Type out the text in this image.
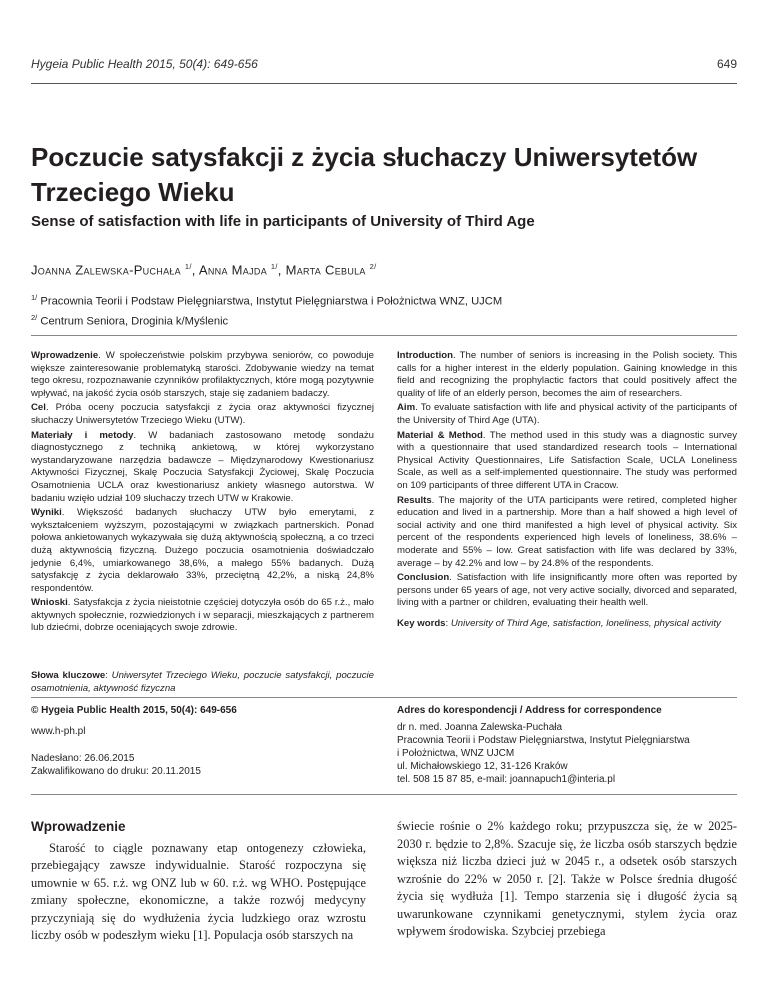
Hygeia Public Health 2015, 50(4): 649-656	649
Poczucie satysfakcji z życia słuchaczy Uniwersytetów Trzeciego Wieku
Sense of satisfaction with life in participants of University of Third Age
Joanna Zalewska-Puchała $^{1/}$, Anna Majda $^{1/}$, Marta Cebula $^{2/}$
$^{1/}$ Pracownia Teorii i Podstaw Pielęgniarstwa, Instytut Pielęgniarstwa i Położnictwa WNZ, UJCM
$^{2/}$ Centrum Seniora, Droginia k/Myślenic

Wprowadzenie. W społeczeństwie polskim przybywa seniorów, co powoduje większe zainteresowanie problematyką starości. Zdobywanie wiedzy na temat tego okresu, rozpoznawanie czynników profilaktycznych, które mogą pozytywnie wpływać, na jakość życia osób starszych, staje się zadaniem badaczy.

Cel. Próba oceny poczucia satysfakcji z życia oraz aktywności fizycznej słuchaczy Uniwersytetów Trzeciego Wieku (UTW).

Materiały i metody. W badaniach zastosowano metodę sondażu diagnostycznego z techniką ankietową, w której wykorzystano wystandaryzowane narzędzia badawcze – Międzynarodowy Kwestionariusz Aktywności Fizycznej, Skalę Poczucia Satysfakcji Życiowej, Skalę Poczucia Osamotnienia UCLA oraz kwestionariusz ankiety własnego autorstwa. W badaniu wzięło udział 109 słuchaczy trzech UTW w Krakowie.

Wyniki. Większość badanych słuchaczy UTW było emerytami, z wykształceniem wyższym, pozostającymi w związkach partnerskich. Ponad połowa ankietowanych wykazywała się dużą aktywnością społeczną, a co trzeci dużą aktywnością fizyczną. Dużego poczucia osamotnienia doświadczało jedynie 6,4%, umiarkowanego 38,6%, a małego 55% badanych. Dużą satysfakcję z życia deklarowało 33%, przeciętną 42,2%, a niską 24,8% respondentów.

Wnioski. Satysfakcja z życia nieistotnie częściej dotyczyła osób do 65 r.ż., mało aktywnych społecznie, rozwiedzionych i w separacji, mieszkających z partnerem lub dziećmi, dobrze oceniających swoje zdrowie.

Introduction. The number of seniors is increasing in the Polish society. This calls for a higher interest in the elderly population. Gaining knowledge in this field and recognizing the prophylactic factors that could positively affect the quality of life of an elderly person, becomes the aim of researchers.

Aim. To evaluate satisfaction with life and physical activity of the participants of the University of Third Age (UTA).

Material & Method. The method used in this study was a diagnostic survey with a questionnaire that used standardized research tools – International Physical Activity Questionnaires, Life Satisfaction Scale, UCLA Loneliness Scale, as well as a self-implemented questionnaire. The study was performed on 109 participants of three different UTA in Cracow.

Results. The majority of the UTA participants were retired, completed higher education and lived in a partnership. More than a half showed a high level of social activity and one third manifested a high level of physical activity. Six percent of the respondents experienced high levels of loneliness, 38.6% – moderate and 55% – low. Great satisfaction with life was declared by 33%, average – by 42.2% and low – by 24.8% of the respondents.

Conclusion. Satisfaction with life insignificantly more often was reported by persons under 65 years of age, not very active socially, divorced and separated, living with a partner or children, evaluating their health well.

Key words: University of Third Age, satisfaction, loneliness, physical activity

Słowa kluczowe: Uniwersytet Trzeciego Wieku, poczucie satysfakcji, poczucie osamotnienia, aktywność fizyczna

© Hygeia Public Health 2015, 50(4): 649-656
www.h-ph.pl
Nadesłano: 26.06.2015
Zakwalifikowano do druku: 20.11.2015
Adres do korespondencji / Address for correspondence
dr n. med. Joanna Zalewska-Puchała
Pracownia Teorii i Podstaw Pielęgniarstwa, Instytut Pielęgniarstwa
i Położnictwa, WNZ UJCM
ul. Michałowskiego 12, 31-126 Kraków
tel. 508 15 87 85, e-mail: joannapuch1@interia.pl
Wprowadzenie

Starość to ciągle poznawany etap ontogenezy człowieka, przebiegający zawsze indywidualnie. Starość rozpoczyna się umownie w 65. r.ż. wg ONZ lub w 60. r.ż. wg WHO. Postępujące zmiany społeczne, ekonomiczne, a także rozwój medycyny przyczyniają się do wydłużenia życia ludzkiego oraz wzrostu liczby osób w podeszłym wieku [1]. Populacja osób starszych na

świecie rośnie o 2% każdego roku; przypuszcza się, że w 2025-2030 r. będzie to 2,8%. Szacuje się, że liczba osób starszych będzie większa niż liczba dzieci już w 2045 r., a odsetek osób starszych wzrośnie do 22% w 2050 r. [2]. Także w Polsce średnia długość życia się wydłuża [1]. Tempo starzenia się i długość życia są uwarunkowane czynnikami genetycznymi, stylem życia oraz wpływem środowiska. Szybciej przebiega
